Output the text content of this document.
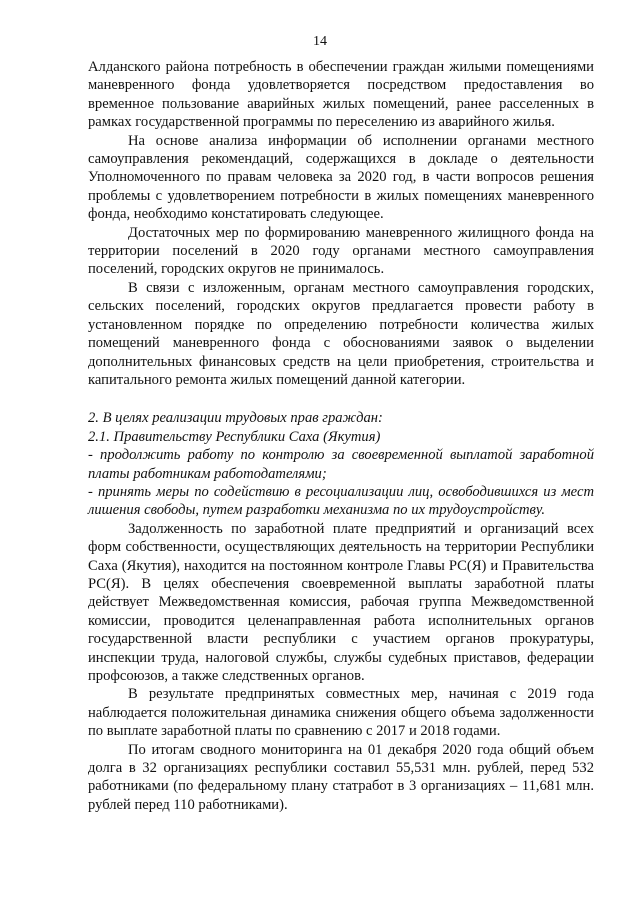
14

Алданского района потребность в обеспечении граждан жилыми помещениями маневренного фонда удовлетворяется посредством предоставления во временное пользование аварийных жилых помещений, ранее расселенных в рамках государственной программы по переселению из аварийного жилья.

На основе анализа информации об исполнении органами местного самоуправления рекомендаций, содержащихся в докладе о деятельности Уполномоченного по правам человека за 2020 год, в части вопросов решения проблемы с удовлетворением потребности в жилых помещениях маневренного фонда, необходимо констатировать следующее.

Достаточных мер по формированию маневренного жилищного фонда на территории поселений в 2020 году органами местного самоуправления поселений, городских округов не принималось.

В связи с изложенным, органам местного самоуправления городских, сельских поселений, городских округов предлагается провести работу в установленном порядке по определению потребности количества жилых помещений маневренного фонда с обоснованиями заявок о выделении дополнительных финансовых средств на цели приобретения, строительства и капитального ремонта жилых помещений данной категории.

2. В целях реализации трудовых прав граждан:

2.1. Правительству Республики Саха (Якутия)

- продолжить работу по контролю за своевременной выплатой заработной платы работникам работодателями;

- принять меры по содействию в ресоциализации лиц, освободившихся из мест лишения свободы, путем разработки механизма по их трудоустройству.

Задолженность по заработной плате предприятий и организаций всех форм собственности, осуществляющих деятельность на территории Республики Саха (Якутия), находится на постоянном контроле Главы РС(Я) и Правительства РС(Я). В целях обеспечения своевременной выплаты заработной платы действует Межведомственная комиссия, рабочая группа Межведомственной комиссии, проводится целенаправленная работа исполнительных органов государственной власти республики с участием органов прокуратуры, инспекции труда, налоговой службы, службы судебных приставов, федерации профсоюзов, а также следственных органов.

В результате предпринятых совместных мер, начиная с 2019 года наблюдается положительная динамика снижения общего объема задолженности по выплате заработной платы по сравнению с 2017 и 2018 годами.

По итогам сводного мониторинга на 01 декабря 2020 года общий объем долга в 32 организациях республики составил 55,531 млн. рублей, перед 532 работниками (по федеральному плану статработ в 3 организациях – 11,681 млн. рублей перед 110 работниками).
